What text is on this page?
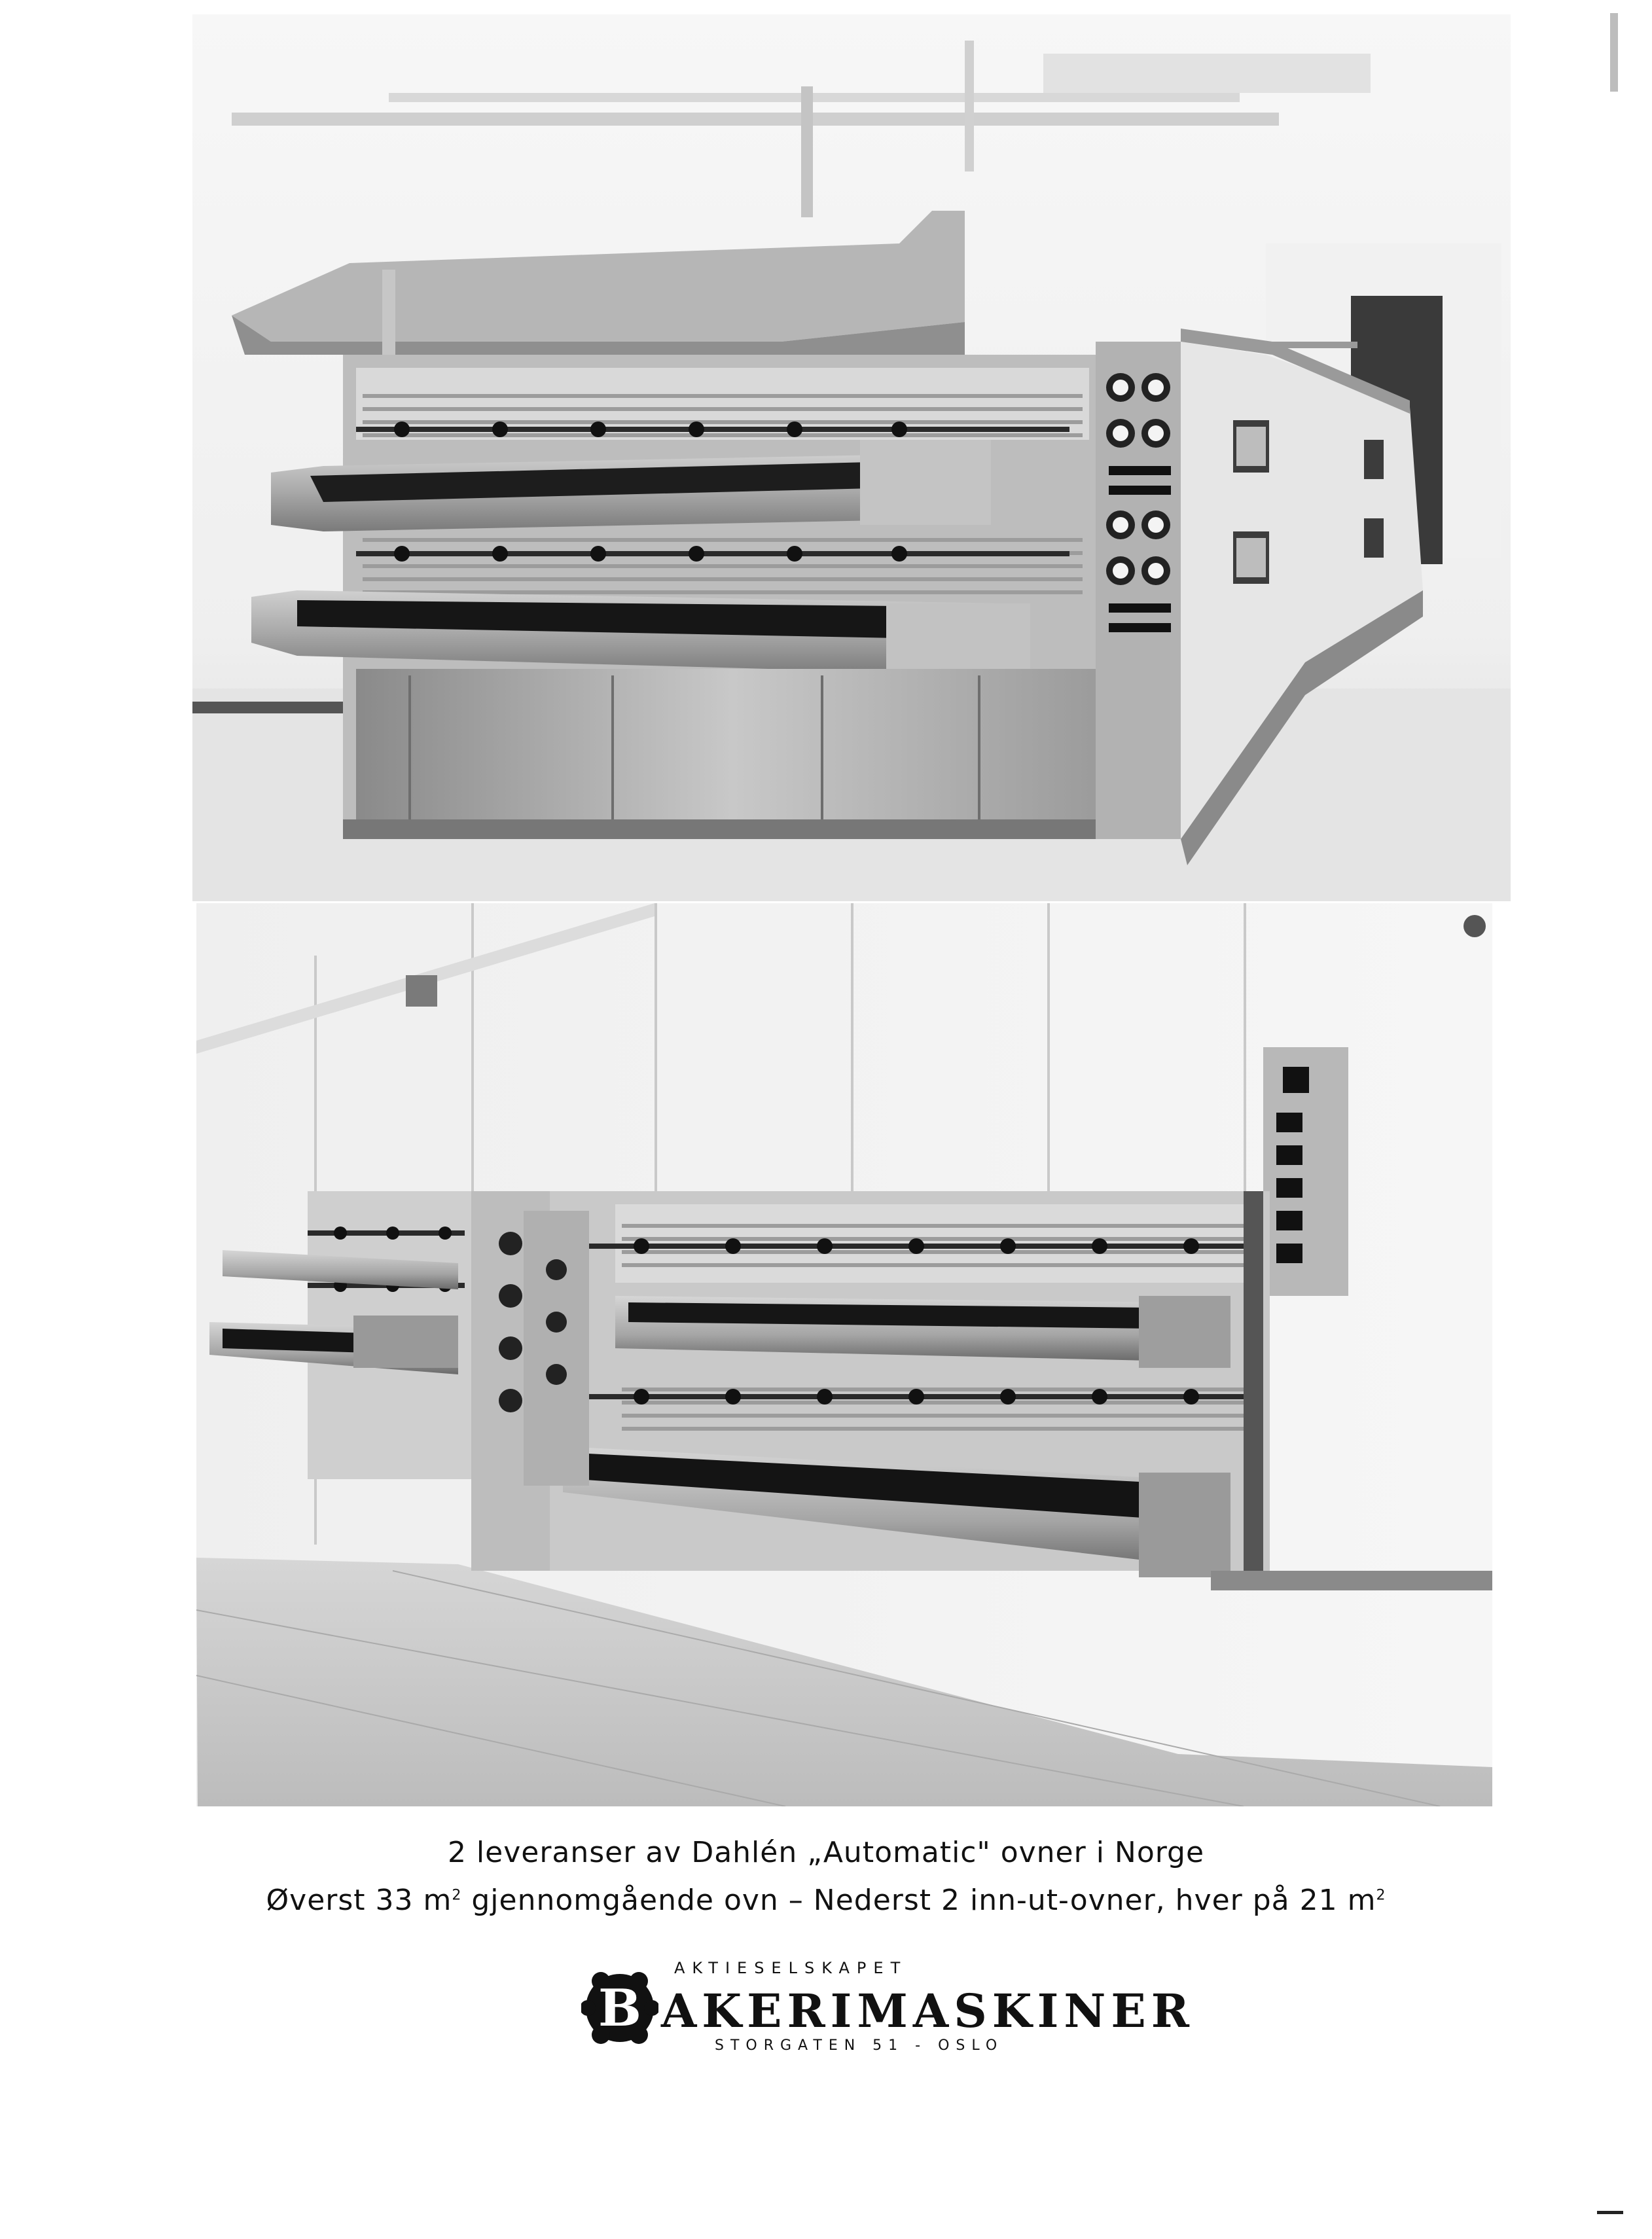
2 leveranser av Dahlén „Automatic" ovner i Norge
Øverst 33 $m^2$ gjennomgående ovn – Nederst 2 inn-ut-ovner, hver på 21 $m^2$
AKTIESELSKAPET
B AKERIMASKINER
STORGATEN 51 - OSLO
